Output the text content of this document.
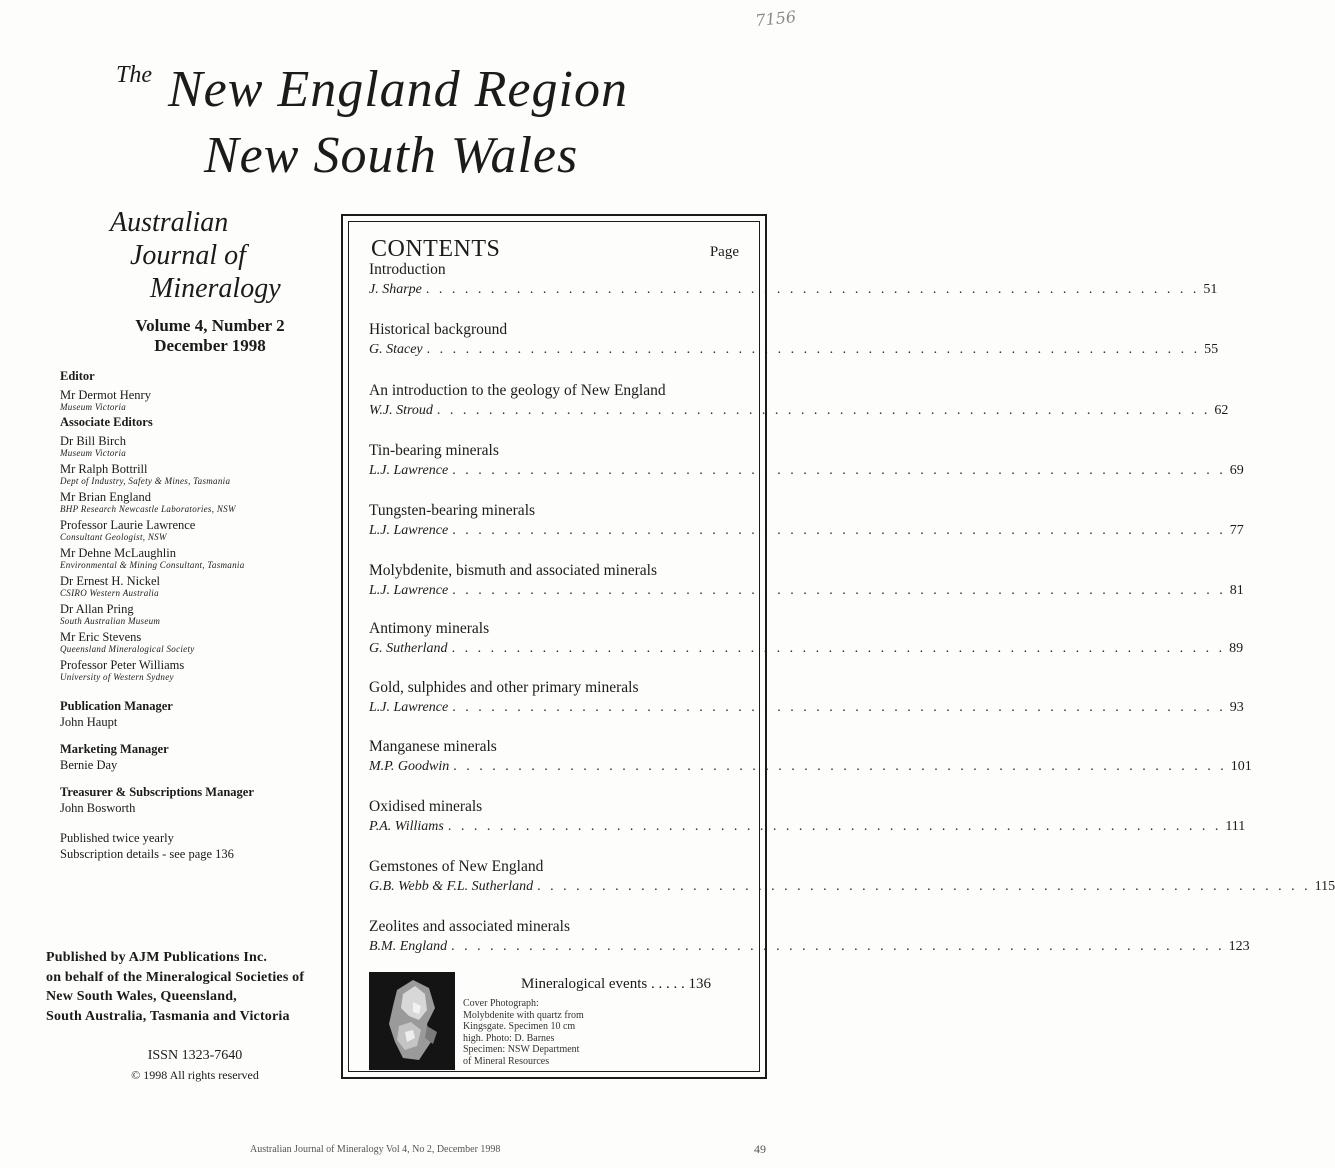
7156
The New England Region
New South Wales
Australian
Journal of
Mineralogy
Volume 4, Number 2
December 1998
Editor
Mr Dermot Henry
Museum Victoria
Associate Editors
Dr Bill Birch
Museum Victoria
Mr Ralph Bottrill
Dept of Industry, Safety & Mines, Tasmania
Mr Brian England
BHP Research Newcastle Laboratories, NSW
Professor Laurie Lawrence
Consultant Geologist, NSW
Mr Dehne McLaughlin
Environmental & Mining Consultant, Tasmania
Dr Ernest H. Nickel
CSIRO Western Australia
Dr Allan Pring
South Australian Museum
Mr Eric Stevens
Queensland Mineralogical Society
Professor Peter Williams
University of Western Sydney
Publication Manager
John Haupt
Marketing Manager
Bernie Day
Treasurer & Subscriptions Manager
John Bosworth
Published twice yearly
Subscription details - see page 136
Published by AJM Publications Inc.
on behalf of the Mineralogical Societies of
New South Wales, Queensland,
South Australia, Tasmania and Victoria
ISSN 1323-7640
© 1998 All rights reserved
CONTENTS	Page
Introduction
J. Sharpe . . . . . . . . . . . . . . . . . . . . . . . . . . . . . . . . . . . . . . . . . . . . . . . . . . . . . . . . . . . . 51
Historical background
G. Stacey . . . . . . . . . . . . . . . . . . . . . . . . . . . . . . . . . . . . . . . . . . . . . . . . . . . . . . . . . . . . 55
An introduction to the geology of New England
W.J. Stroud . . . . . . . . . . . . . . . . . . . . . . . . . . . . . . . . . . . . . . . . . . . . . . . . . . . . . . . . . . . . 62
Tin-bearing minerals
L.J. Lawrence . . . . . . . . . . . . . . . . . . . . . . . . . . . . . . . . . . . . . . . . . . . . . . . . . . . . . . . . . . . . 69
Tungsten-bearing minerals
L.J. Lawrence . . . . . . . . . . . . . . . . . . . . . . . . . . . . . . . . . . . . . . . . . . . . . . . . . . . . . . . . . . . . 77
Molybdenite, bismuth and associated minerals
L.J. Lawrence . . . . . . . . . . . . . . . . . . . . . . . . . . . . . . . . . . . . . . . . . . . . . . . . . . . . . . . . . . . . 81
Antimony minerals
G. Sutherland . . . . . . . . . . . . . . . . . . . . . . . . . . . . . . . . . . . . . . . . . . . . . . . . . . . . . . . . . . . . 89
Gold, sulphides and other primary minerals
L.J. Lawrence . . . . . . . . . . . . . . . . . . . . . . . . . . . . . . . . . . . . . . . . . . . . . . . . . . . . . . . . . . . . 93
Manganese minerals
M.P. Goodwin . . . . . . . . . . . . . . . . . . . . . . . . . . . . . . . . . . . . . . . . . . . . . . . . . . . . . . . . . . . . 101
Oxidised minerals
P.A. Williams . . . . . . . . . . . . . . . . . . . . . . . . . . . . . . . . . . . . . . . . . . . . . . . . . . . . . . . . . . . . 111
Gemstones of New England
G.B. Webb & F.L. Sutherland . . . . . . . . . . . . . . . . . . . . . . . . . . . . . . . . . . . . . . . . . . . . . . . . . . . . . . . . . . . . 115
Zeolites and associated minerals
B.M. England . . . . . . . . . . . . . . . . . . . . . . . . . . . . . . . . . . . . . . . . . . . . . . . . . . . . . . . . . . . . 123
Mineralogical events . . . . . 136
Cover Photograph:
Molybdenite with quartz from
Kingsgate. Specimen 10 cm
high. Photo: D. Barnes
Specimen: NSW Department
of Mineral Resources
Australian Journal of Mineralogy Vol 4, No 2, December 1998	49
